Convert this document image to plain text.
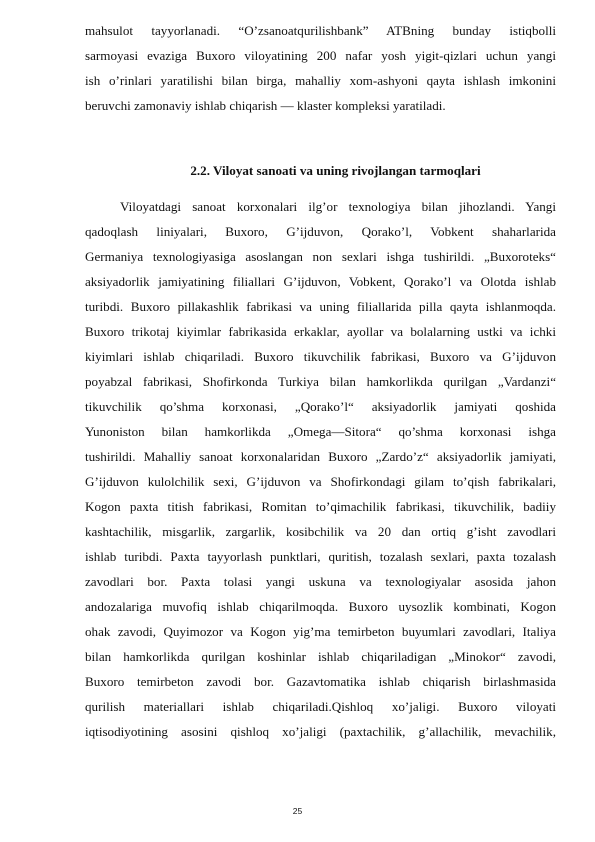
mahsulot tayyorlanadi. “O’zsanoatqurilishbank” ATBning bunday istiqbolli
sarmoyasi evaziga Buxoro viloyatining 200 nafar yosh yigit-qizlari uchun yangi
ish o’rinlari yaratilishi bilan birga, mahalliy xom-ashyoni qayta ishlash imkonini
beruvchi zamonaviy ishlab chiqarish — klaster kompleksi yaratiladi.
2.2. Viloyat sanoati va uning rivojlangan tarmoqlari
Viloyatdagi sanoat korxonalari ilg’or texnologiya bilan jihozlandi. Yangi
qadoqlash liniyalari, Buxoro, G’ijduvon, Qorako’l, Vobkent shaharlarida
Germaniya texnologiyasiga asoslangan non sexlari ishga tushirildi. „Buxoroteks“
aksiyadorlik jamiyatining filiallari G’ijduvon, Vobkent, Qorako’l va Olotda ishlab
turibdi. Buxoro pillakashlik fabrikasi va uning filiallarida pilla qayta ishlanmoqda.
Buxoro trikotaj kiyimlar fabrikasida erkaklar, ayollar va bolalarning ustki va ichki
kiyimlari ishlab chiqariladi. Buxoro tikuvchilik fabrikasi, Buxoro va G’ijduvon
poyabzal fabrikasi, Shofirkonda Turkiya bilan hamkorlikda qurilgan „Vardanzi“
tikuvchilik qo’shma korxonasi, „Qorako’l“ aksiyadorlik jamiyati qoshida
Yunoniston bilan hamkorlikda „Omega—Sitora“ qo’shma korxonasi ishga
tushirildi. Mahalliy sanoat korxonalaridan Buxoro „Zardo’z“ aksiyadorlik jamiyati,
G’ijduvon kulolchilik sexi, G’ijduvon va Shofirkondagi gilam to’qish fabrikalari,
Kogon paxta titish fabrikasi, Romitan to’qimachilik fabrikasi, tikuvchilik, badiiy
kashtachilik, misgarlik, zargarlik, kosibchilik va 20 dan ortiq g’isht zavodlari
ishlab turibdi. Paxta tayyorlash punktlari, quritish, tozalash sexlari, paxta tozalash
zavodlari bor. Paxta tolasi yangi uskuna va texnologiyalar asosida jahon
andozalariga muvofiq ishlab chiqarilmoqda. Buxoro uysozlik kombinati, Kogon
ohak zavodi, Quyimozor va Kogon yig’ma temirbeton buyumlari zavodlari, Italiya
bilan hamkorlikda qurilgan koshinlar ishlab chiqariladigan „Minokor“ zavodi,
Buxoro temirbeton zavodi bor. Gazavtomatika ishlab chiqarish birlashmasida
qurilish materiallari ishlab chiqariladi.Qishloq xo’jaligi. Buxoro viloyati
iqtisodiyotining asosini qishloq xo’jaligi (paxtachilik, g’allachilik, mevachilik,
25
